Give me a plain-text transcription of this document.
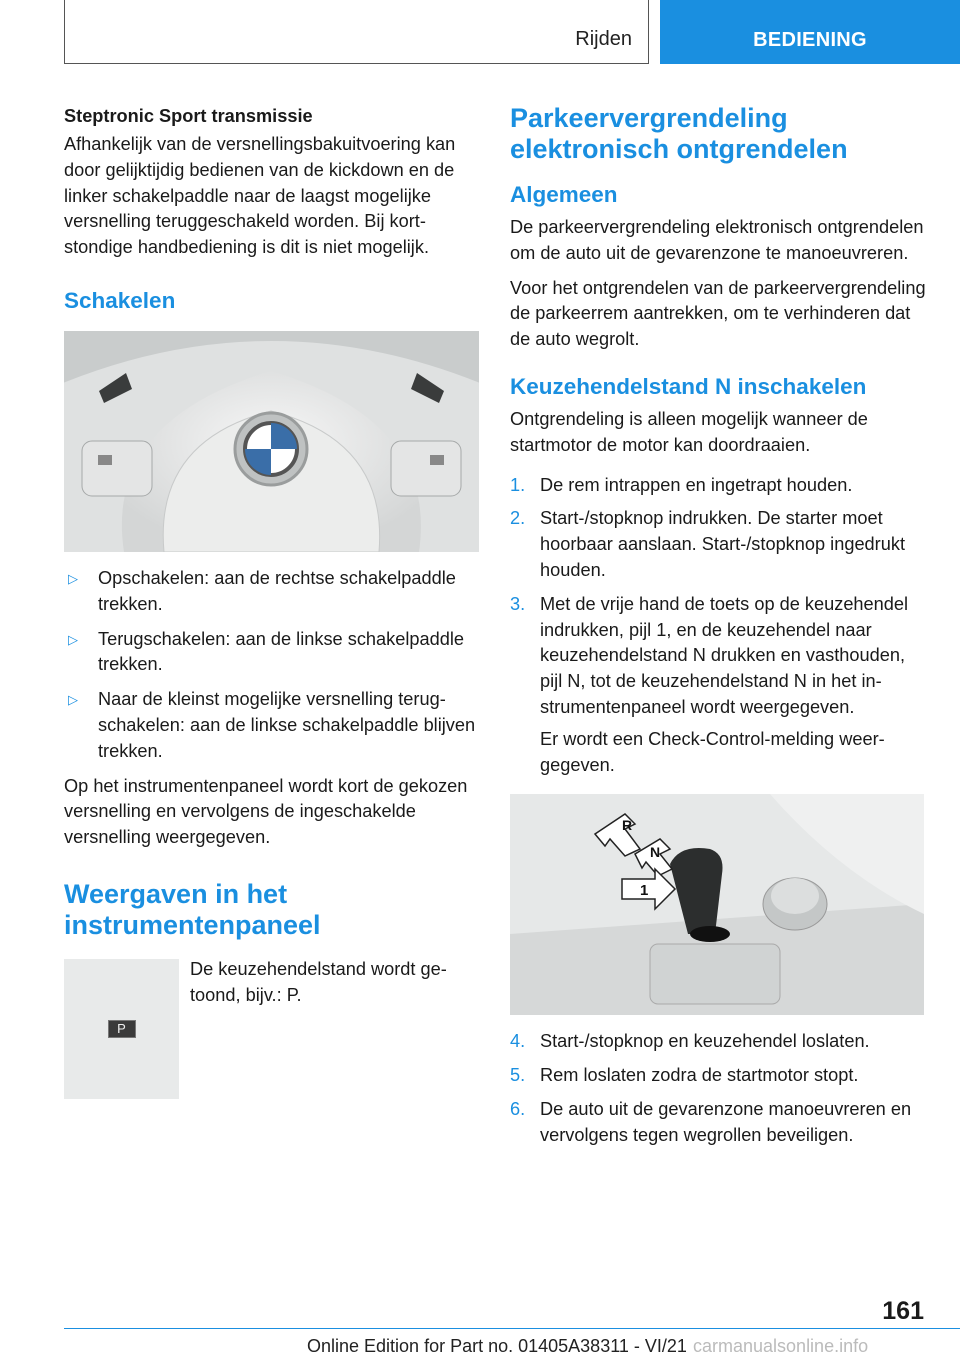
Rijden	BEDIENING
Steptronic Sport transmissie

Afhankelijk van de versnellingsbakuitvoering kan door gelijktijdig bedienen van de kickdown en de linker schakelpaddle naar de laagst mogelijke versnelling teruggeschakeld worden. Bij kortstondige handbediening is dit is niet mogelijk.

Schakelen
▷	Opschakelen: aan de rechtse schakelpaddle trekken.
▷	Terugschakelen: aan de linkse schakelpaddle trekken.
▷	Naar de kleinst mogelijke versnelling terugschakelen: aan de linkse schakelpaddle blijven trekken.

Op het instrumentenpaneel wordt kort de gekozen versnelling en vervolgens de ingeschakelde versnelling weergegeven.

Weergaven in het instrumentenpaneel
P

De keuzehendelstand wordt getoond, bijv.: P.

Parkeervergrendeling elektronisch ontgrendelen
Algemeen

De parkeervergrendeling elektronisch ontgrendelen om de auto uit de gevarenzone te manoeuvreren.

Voor het ontgrendelen van de parkeervergrendeling de parkeerrem aantrekken, om te verhinderen dat de auto wegrolt.

Keuzehendelstand N inschakelen

Ontgrendeling is alleen mogelijk wanneer de startmotor de motor kan doordraaien.

1. De rem intrappen en ingetrapt houden.
2. Start-/stopknop indrukken. De starter moet hoorbaar aanslaan. Start-/stopknop ingedrukt houden.
3. Met de vrije hand de toets op de keuzehendel indrukken, pijl 1, en de keuzehendel naar keuzehendelstand N drukken en vasthouden, pijl N, tot de keuzehendelstand N in het instrumentenpaneel wordt weergegeven.

Er wordt een Check-Control-melding weergegeven.

R
N
1
4. Start-/stopknop en keuzehendel loslaten.
5. Rem loslaten zodra de startmotor stopt.
6. De auto uit de gevarenzone manoeuvreren en vervolgens tegen wegrollen beveiligen.
161
Online Edition for Part no. 01405A38311 - VI/21 carmanualsonline.info
